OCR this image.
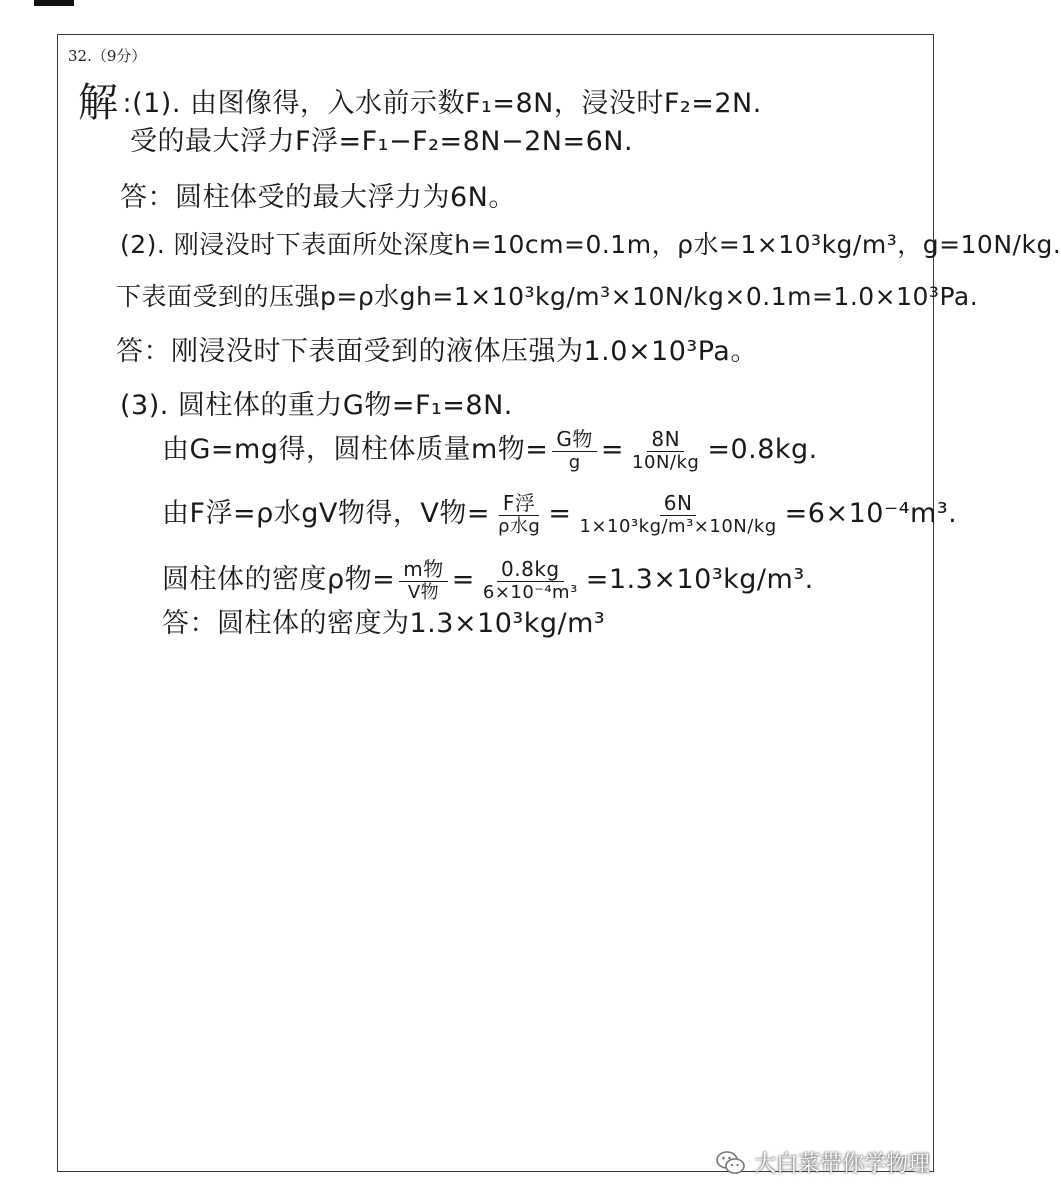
32.（9分）
解 :(1). 由图像得，入水前示数F₁=8N，浸没时F₂=2N.
受的最大浮力F浮=F₁−F₂=8N−2N=6N.
答：圆柱体受的最大浮力为6N。
(2). 刚浸没时下表面所处深度h=10cm=0.1m，ρ水=1×10³kg/m³，g=10N/kg.
下表面受到的压强p=ρ水gh=1×10³kg/m³×10N/kg×0.1m=1.0×10³Pa.
答：刚浸没时下表面受到的液体压强为1.0×10³Pa。
(3). 圆柱体的重力G物=F₁=8N.
由G=mg得，圆柱体质量m物= $\frac{\text{G物}}{g} = \frac{8N}{10N/kg} =0.8kg$.
由F浮=ρ水gV物得，V物= $\frac{\text{F浮}}{\text{ρ水g}} = \frac{6N}{\text{1×10³kg/m³×10N/kg}} =6\times 10^{-4}m^3$.
圆柱体的密度ρ物= $\frac{\text{m物}}{\text{V物}} = \frac{0.8kg}{\text{6×10⁻⁴m³}} =1.3\times 10^3kg/m^3$.
答：圆柱体的密度为1.3×10³kg/m³
大白菜带你学物理
